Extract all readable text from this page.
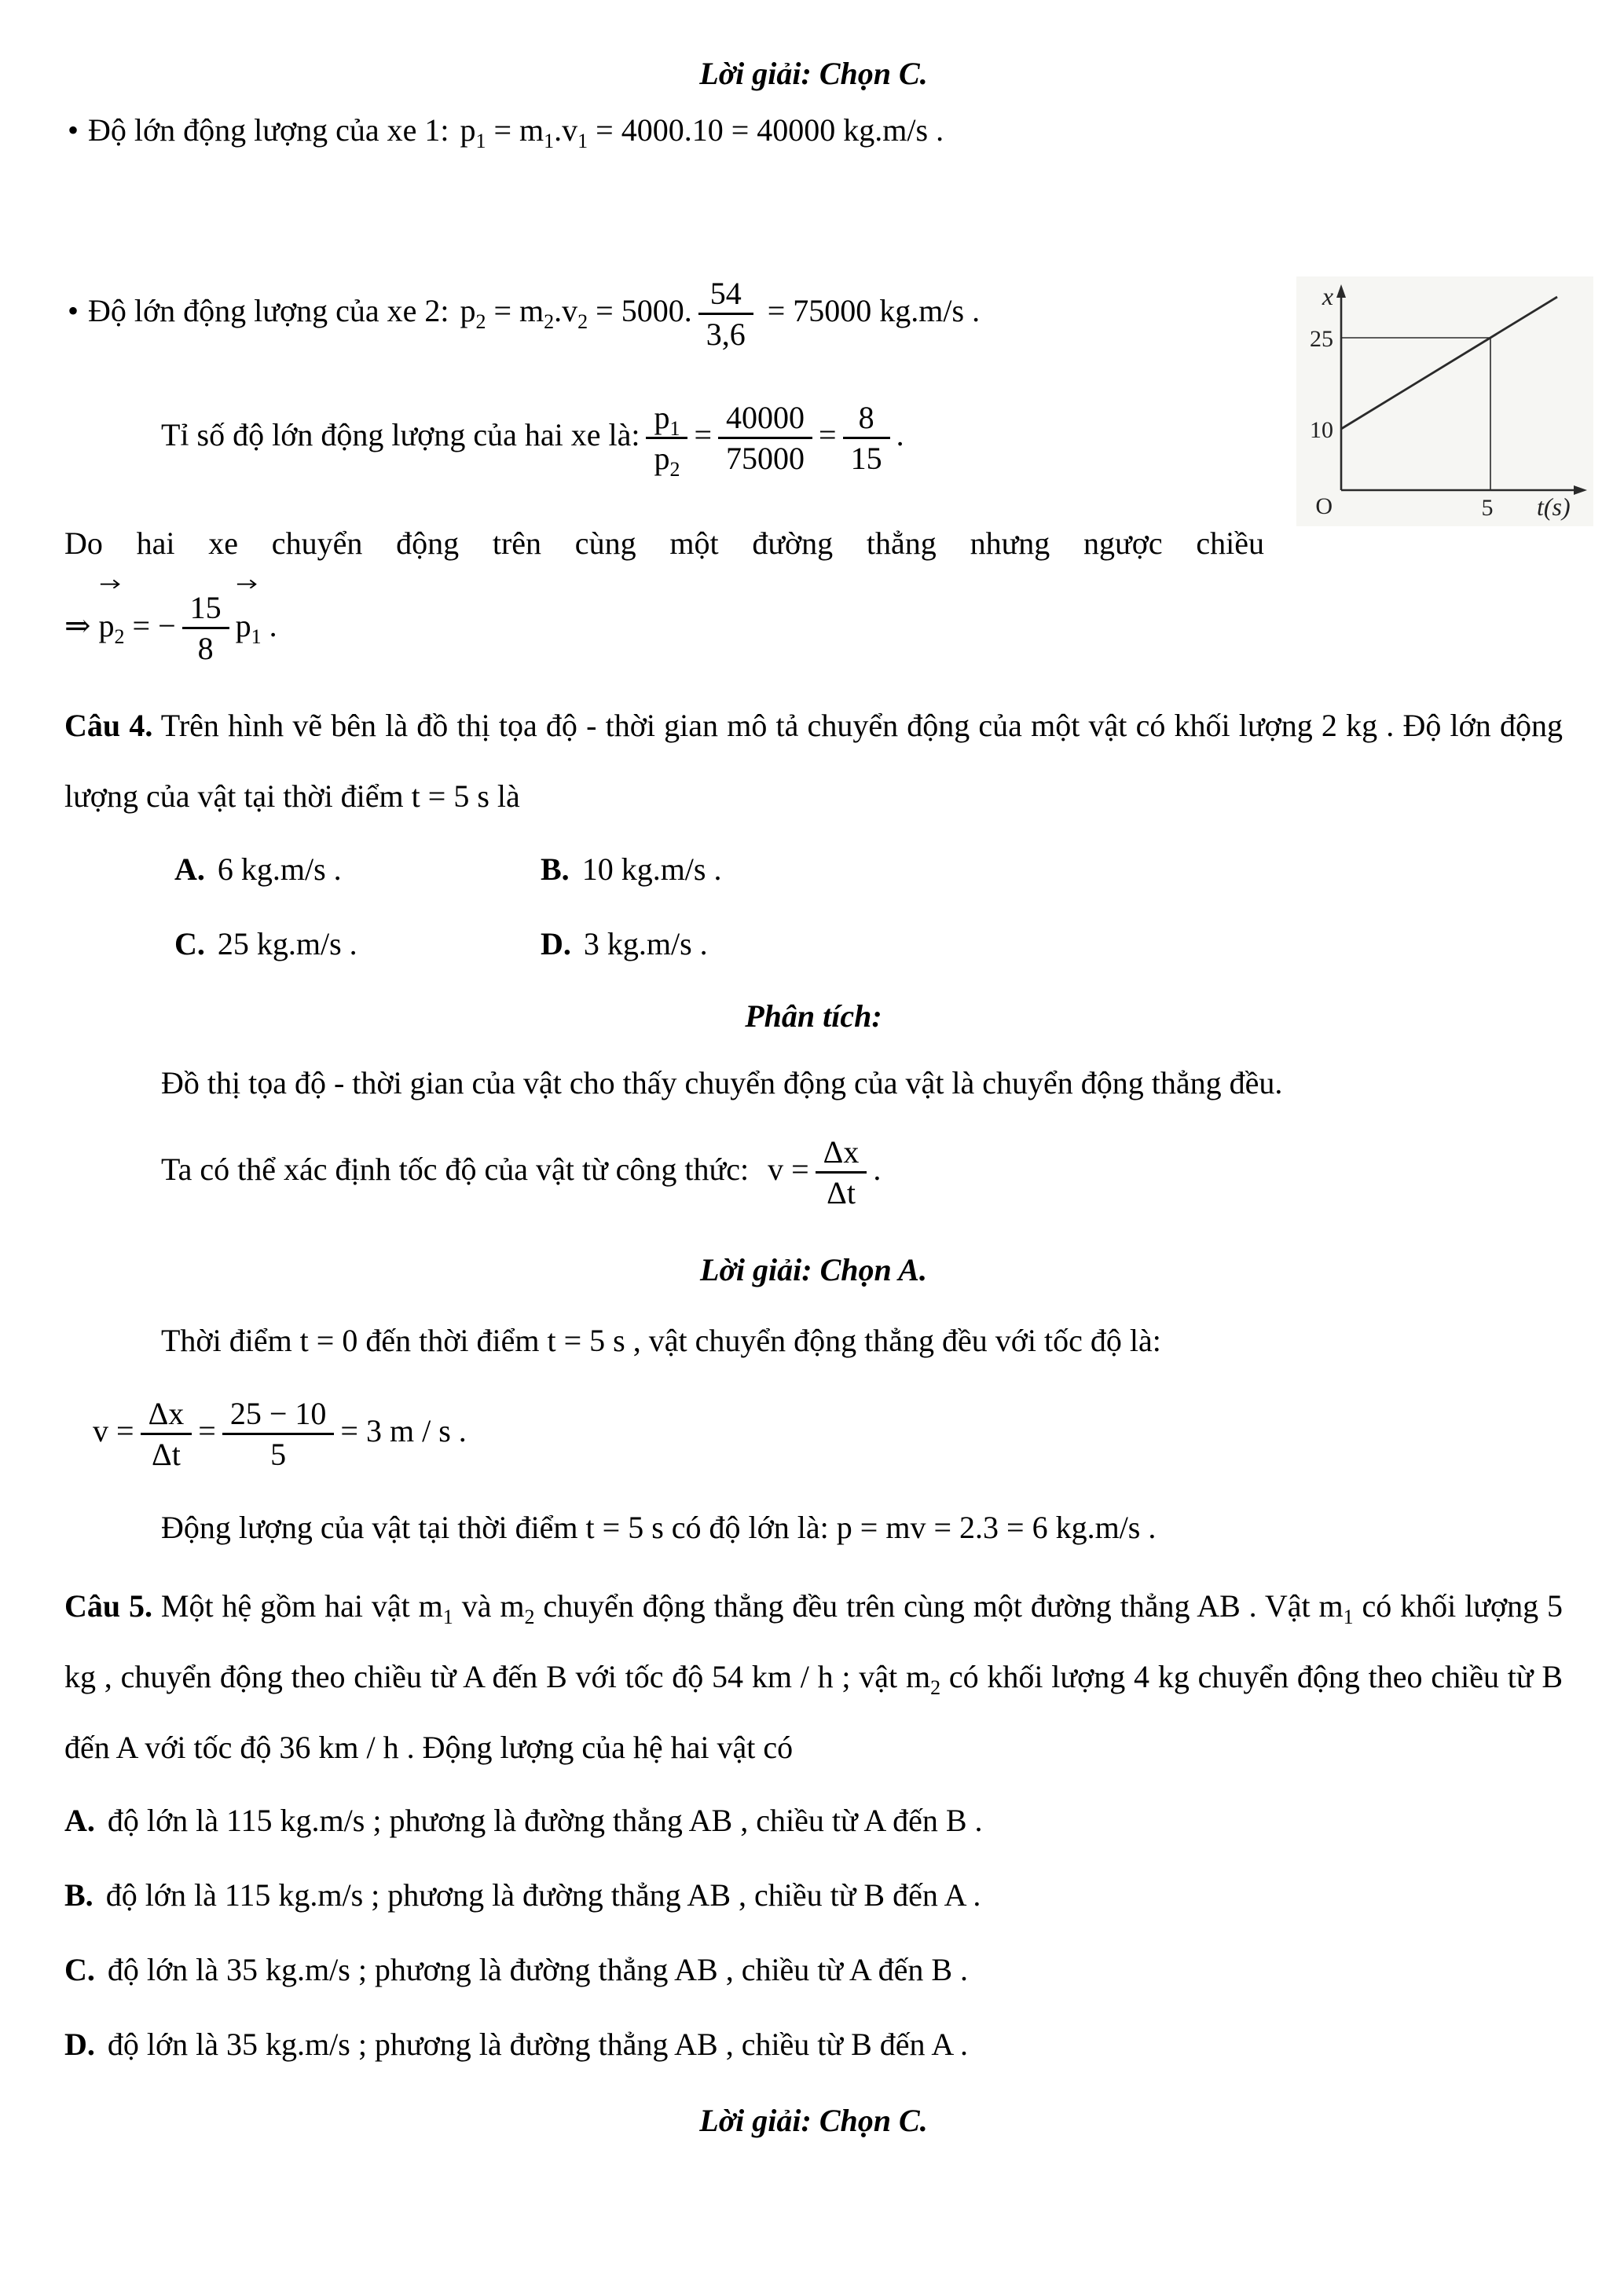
x
25
10
O	5 t(s)

Lời giải: Chọn C.

• Độ lớn động lượng của xe 1: $p_1 = m_1.v_1 = 4000.10 = 40000$ kg.m/s .

• Độ lớn động lượng của xe 2: $p_2 = m_2.v_2 = 5000$. $\frac{54}{3,6} = 75000$ kg.m/s .

Tỉ số độ lớn động lượng của hai xe là: $\frac{p_1}{p_2} = \frac{40000}{75000} = \frac{8}{15}$ .

Do hai xe chuyển động trên cùng một đường thẳng nhưng ngược chiều

⇒ $p_2$ = − $\frac{15}{8} p_1$ .

Câu 4. Trên hình vẽ bên là đồ thị tọa độ - thời gian mô tả chuyển động của một vật có khối lượng 2 kg . Độ lớn động lượng của vật tại thời điểm t = 5 s là

A. 6 kg.m/s .	B. 10 kg.m/s .

C. 25 kg.m/s .	D. 3 kg.m/s .

Phân tích:

Đồ thị tọa độ - thời gian của vật cho thấy chuyển động của vật là chuyển động thẳng đều.

Ta có thể xác định tốc độ của vật từ công thức: $v = \frac{\Delta x}{\Delta t}$ .

Lời giải: Chọn A.

Thời điểm t = 0 đến thời điểm t = 5 s , vật chuyển động thẳng đều với tốc độ là:

$v = \frac{\Delta x}{\Delta t} = \frac{25 - 10}{5} = 3$ m / s .

Động lượng của vật tại thời điểm t = 5 s có độ lớn là: p = mv = 2.3 = 6 kg.m/s .

Câu 5. Một hệ gồm hai vật $m_1$ và $m_2$ chuyển động thẳng đều trên cùng một đường thẳng AB . Vật $m_1$ có khối lượng 5 kg , chuyển động theo chiều từ A đến B với tốc độ 54 km / h ; vật $m_2$ có khối lượng 4 kg chuyển động theo chiều từ B đến A với tốc độ 36 km / h . Động lượng của hệ hai vật có

A. độ lớn là 115 kg.m/s ; phương là đường thẳng AB , chiều từ A đến B .

B. độ lớn là 115 kg.m/s ; phương là đường thẳng AB , chiều từ B đến A .

C. độ lớn là 35 kg.m/s ; phương là đường thẳng AB , chiều từ A đến B .

D. độ lớn là 35 kg.m/s ; phương là đường thẳng AB , chiều từ B đến A .

Lời giải: Chọn C.
